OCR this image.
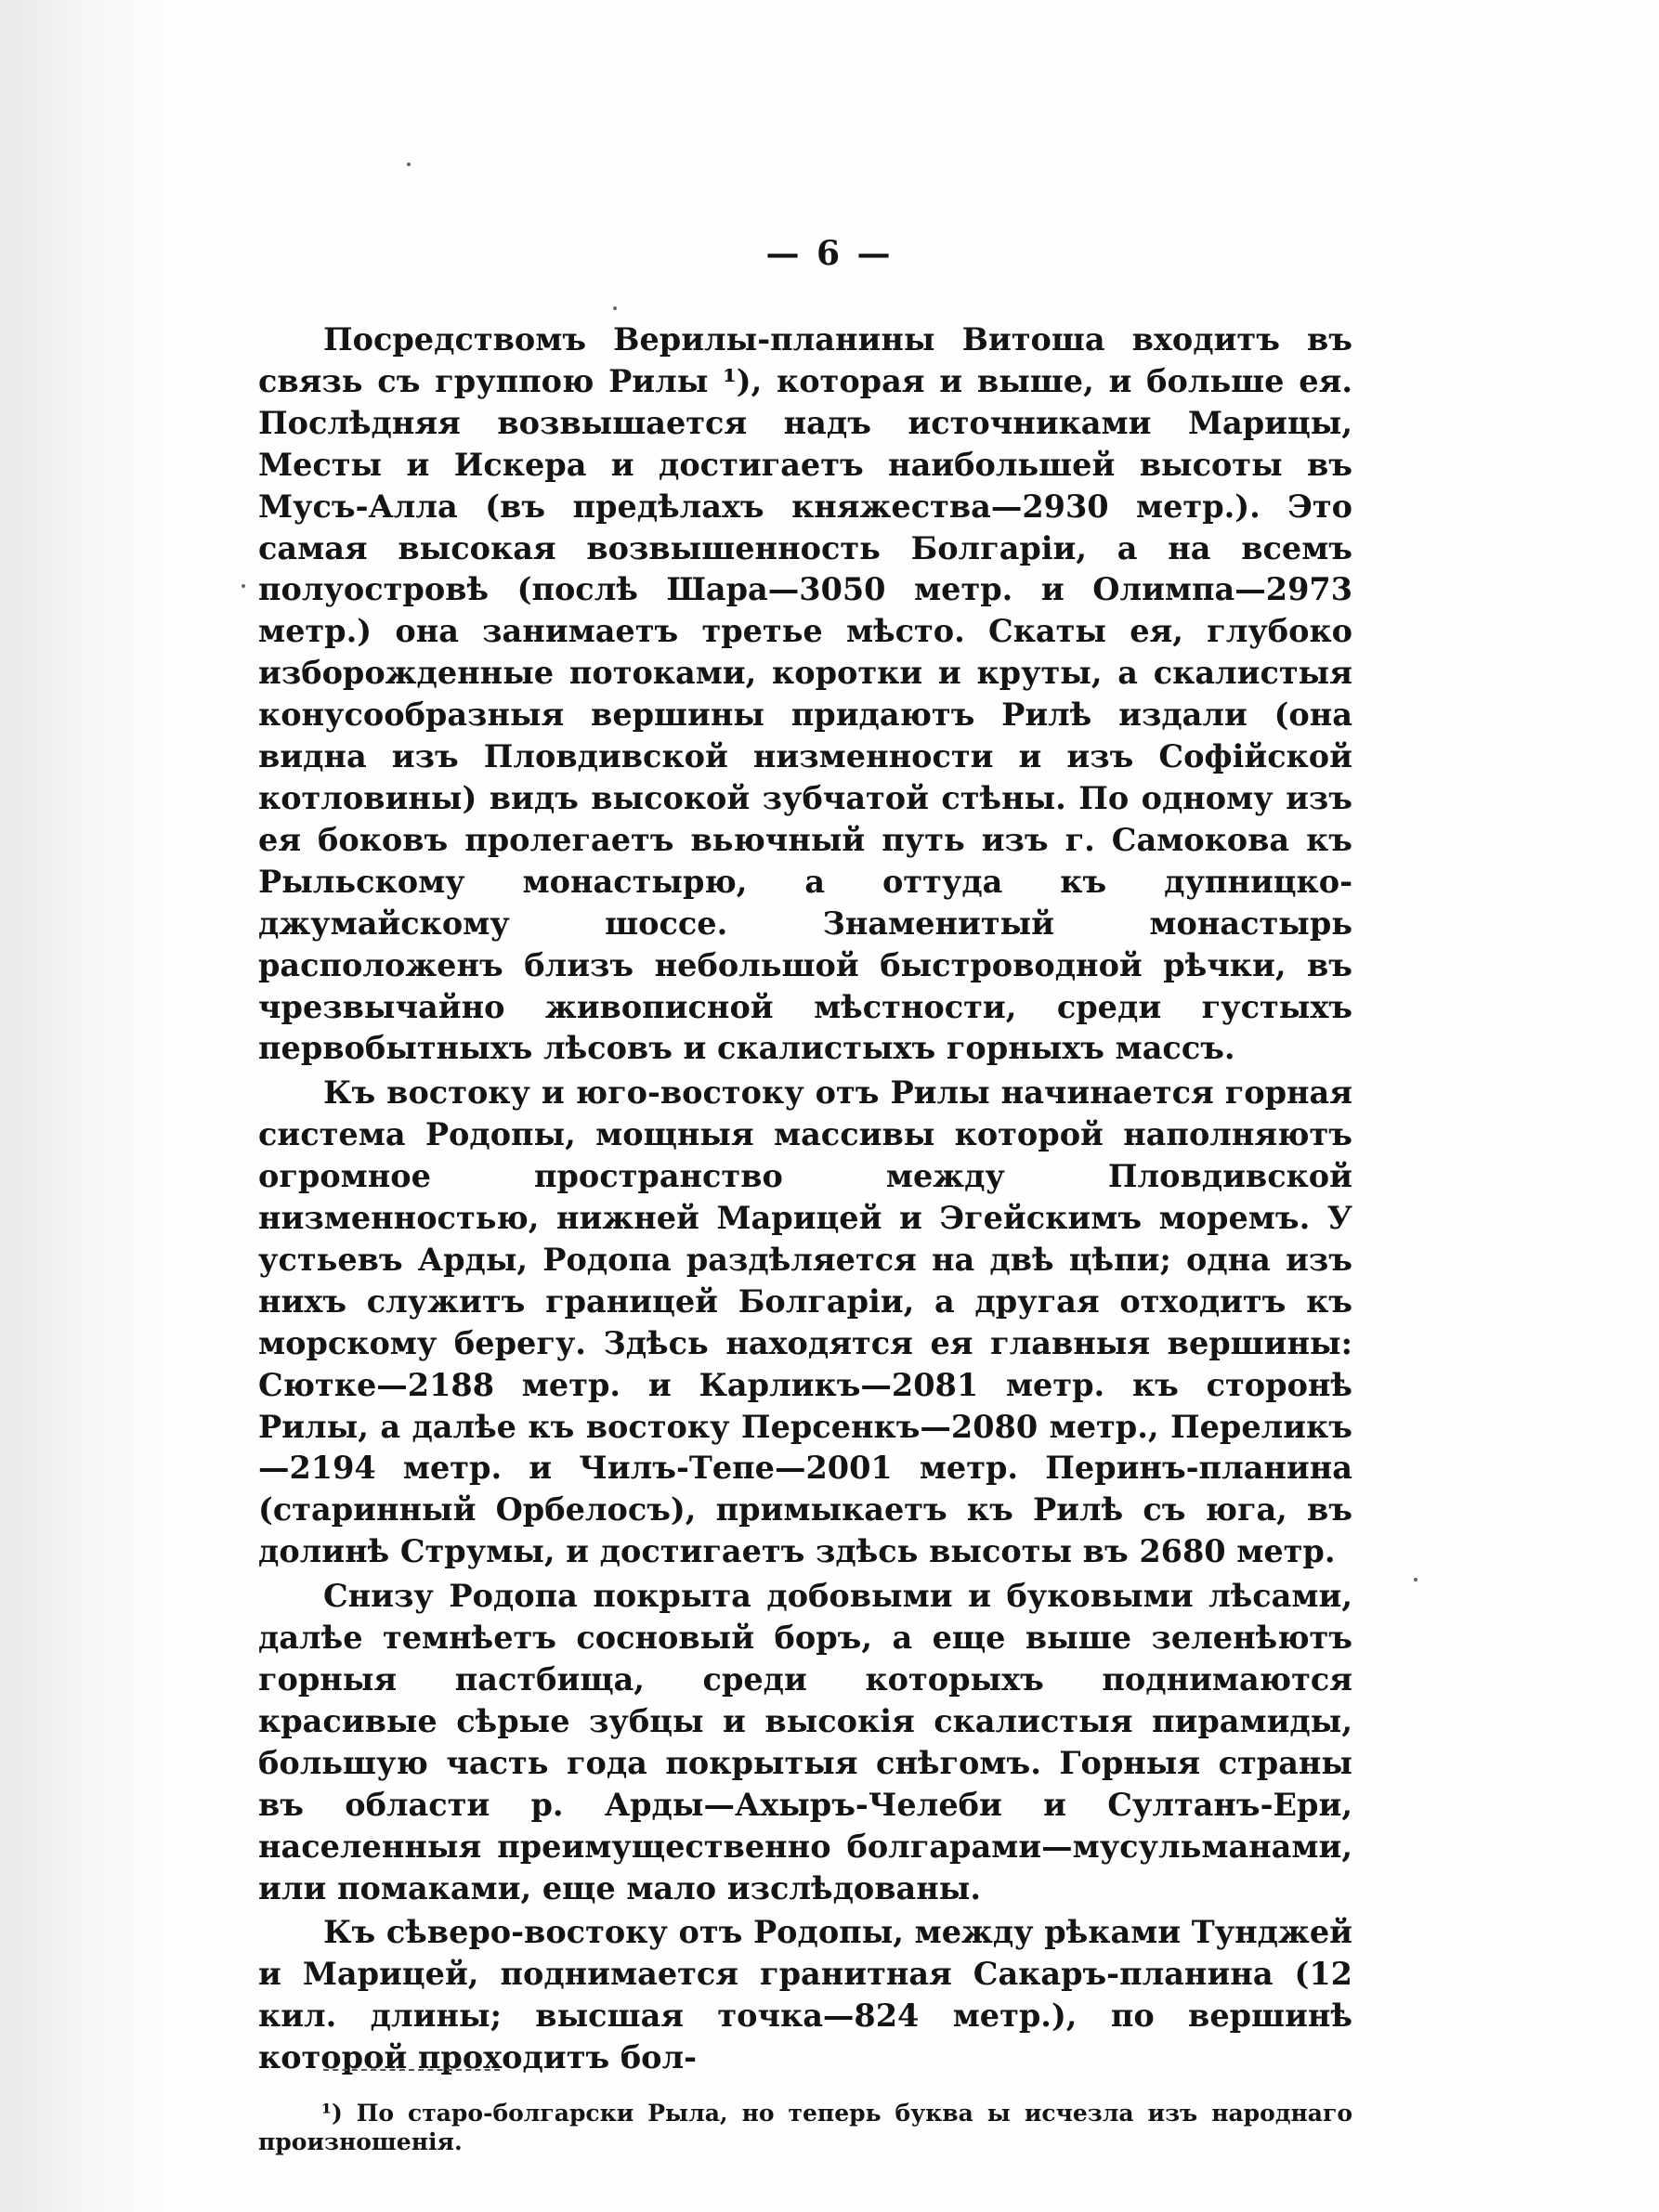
— 6 —

Посредствомъ Верилы-планины Витоша входитъ въ связь съ группою Рилы ¹), которая и выше, и больше ея. Послѣдняя возвышается надъ источниками Марицы, Месты и Искера и достигаетъ наибольшей высоты въ Мусъ-Алла (въ предѣлахъ княжества—2930 метр.). Это самая высокая возвышенность Болгаріи, а на всемъ полуостровѣ (послѣ Шара—3050 метр. и Олимпа—2973 метр.) она занимаетъ третье мѣсто. Скаты ея, глубоко изборожденные потоками, коротки и круты, а скалистыя конусообразныя вершины придаютъ Рилѣ издали (она видна изъ Пловдивской низменности и изъ Софійской котловины) видъ высокой зубчатой стѣны. По одному изъ ея боковъ пролегаетъ вьючный путь изъ г. Самокова къ Рыльскому монастырю, а оттуда къ дупницко-джумайскому шоссе. Знаменитый монастырь расположенъ близъ небольшой быстроводной рѣчки, въ чрезвычайно живописной мѣстности, среди густыхъ первобытныхъ лѣсовъ и скалистыхъ горныхъ массъ.

Къ востоку и юго-востоку отъ Рилы начинается горная система Родопы, мощныя массивы которой наполняютъ огромное пространство между Пловдивской низменностью, нижней Марицей и Эгейскимъ моремъ. У устьевъ Арды, Родопа раздѣляется на двѣ цѣпи; одна изъ нихъ служитъ границей Болгаріи, а другая отходитъ къ морскому берегу. Здѣсь находятся ея главныя вершины: Сютке—2188 метр. и Карликъ—2081 метр. къ сторонѣ Рилы, а далѣе къ востоку Персенкъ—2080 метр., Переликъ—2194 метр. и Чилъ-Тепе—2001 метр. Перинъ-планина (старинный Орбелосъ), примыкаетъ къ Рилѣ съ юга, въ долинѣ Струмы, и достигаетъ здѣсь высоты въ 2680 метр.

Снизу Родопа покрыта добовыми и буковыми лѣсами, далѣе темнѣетъ сосновый боръ, а еще выше зеленѣютъ горныя пастбища, среди которыхъ поднимаются красивые сѣрые зубцы и высокія скалистыя пирамиды, большую часть года покрытыя снѣгомъ. Горныя страны въ области р. Арды—Ахыръ-Челеби и Султанъ-Ери, населенныя преимущественно болгарами—мусульманами, или помаками, еще мало изслѣдованы.

Къ сѣверо-востоку отъ Родопы, между рѣками Тунджей и Марицей, поднимается гранитная Сакаръ-планина (12 кил. длины; высшая точка—824 метр.), по вершинѣ которой проходитъ бол-

¹) По старо-болгарски Рыла, но теперь буква ы исчезла изъ народнаго произношенія.
